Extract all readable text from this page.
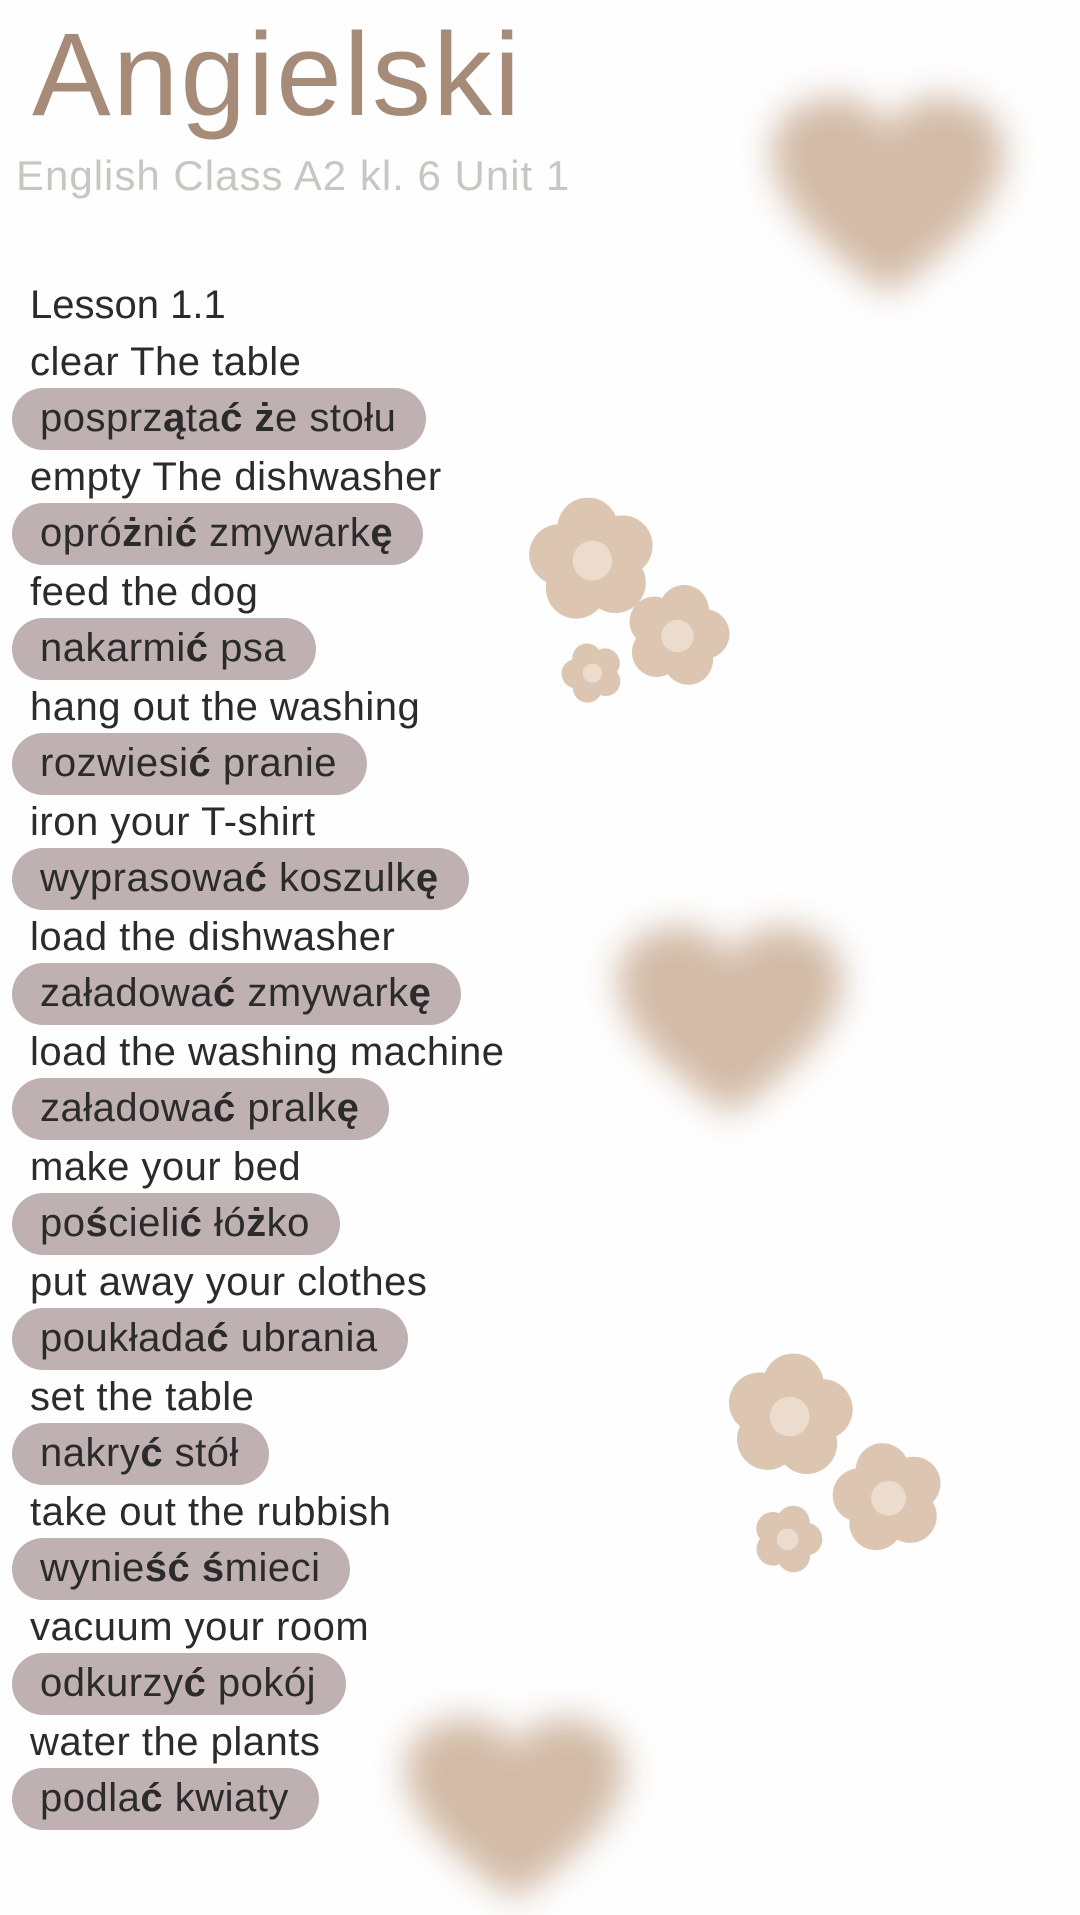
Angielski
English Class A2 kl. 6 Unit 1
Lesson 1.1
clear The table
posprzątać że stołu
empty The dishwasher
opróżnić zmywarkę
feed the dog
nakarmić psa
hang out the washing
rozwiesić pranie
iron your T-shirt
wyprasować koszulkę
load the dishwasher
załadować zmywarkę
load the washing machine
załadować pralkę
make your bed
pościelić łóżko
put away your clothes
poukładać ubrania
set the table
nakryć stół
take out the rubbish
wynieść śmieci
vacuum your room
odkurzyć pokój
water the plants
podlać kwiaty
